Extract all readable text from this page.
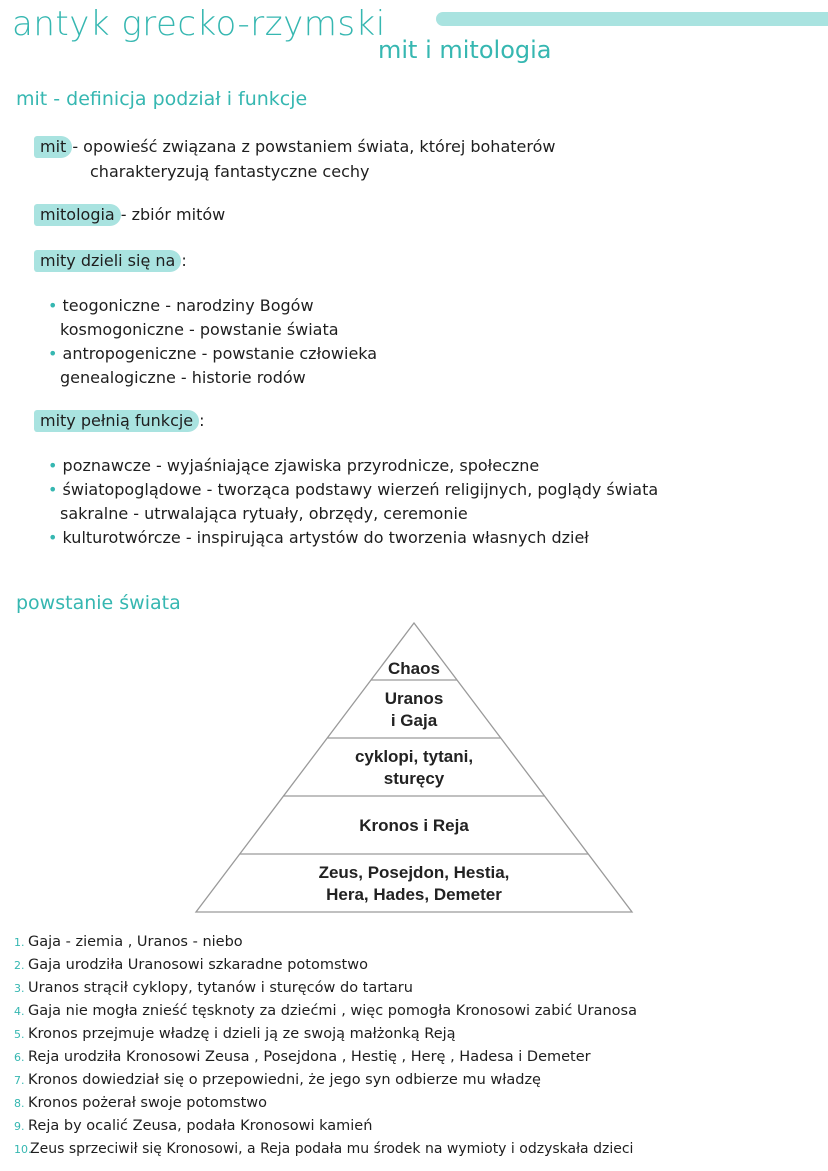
antyk grecko-rzymski
mit i mitologia
mit - definicja podział i funkcje
mit - opowieść związana z powstaniem świata, której bohaterów
charakteryzują fantastyczne cechy
mitologia - zbiór mitów
mity dzieli się na :
• teogoniczne - narodziny Bogów
kosmogoniczne - powstanie świata
• antropogeniczne - powstanie człowieka
genealogiczne - historie rodów
mity pełnią funkcje :
• poznawcze - wyjaśniające zjawiska przyrodnicze, społeczne
• światopoglądowe - tworząca podstawy wierzeń religijnych, poglądy świata
sakralne - utrwalająca rytuały, obrzędy, ceremonie
• kulturotwórcze - inspirująca artystów do tworzenia własnych dzieł
powstanie świata
Chaos
Uranos
i Gaja
cyklopi, tytani,
sturęcy
Kronos i Reja
Zeus, Posejdon, Hestia,
Hera, Hades, Demeter
1. Gaja - ziemia , Uranos - niebo
2. Gaja urodziła Uranosowi szkaradne potomstwo
3. Uranos strącił cyklopy, tytanów i sturęców do tartaru
4. Gaja nie mogła znieść tęsknoty za dziećmi , więc pomogła Kronosowi zabić Uranosa
5. Kronos przejmuje władzę i dzieli ją ze swoją małżonką Reją
6. Reja urodziła Kronosowi Zeusa , Posejdona , Hestię , Herę , Hadesa i Demeter
7. Kronos dowiedział się o przepowiedni, że jego syn odbierze mu władzę
8. Kronos pożerał swoje potomstwo
9. Reja by ocalić Zeusa, podała Kronosowi kamień
10.Zeus sprzeciwił się Kronosowi, a Reja podała mu środek na wymioty i odzyskała dzieci
